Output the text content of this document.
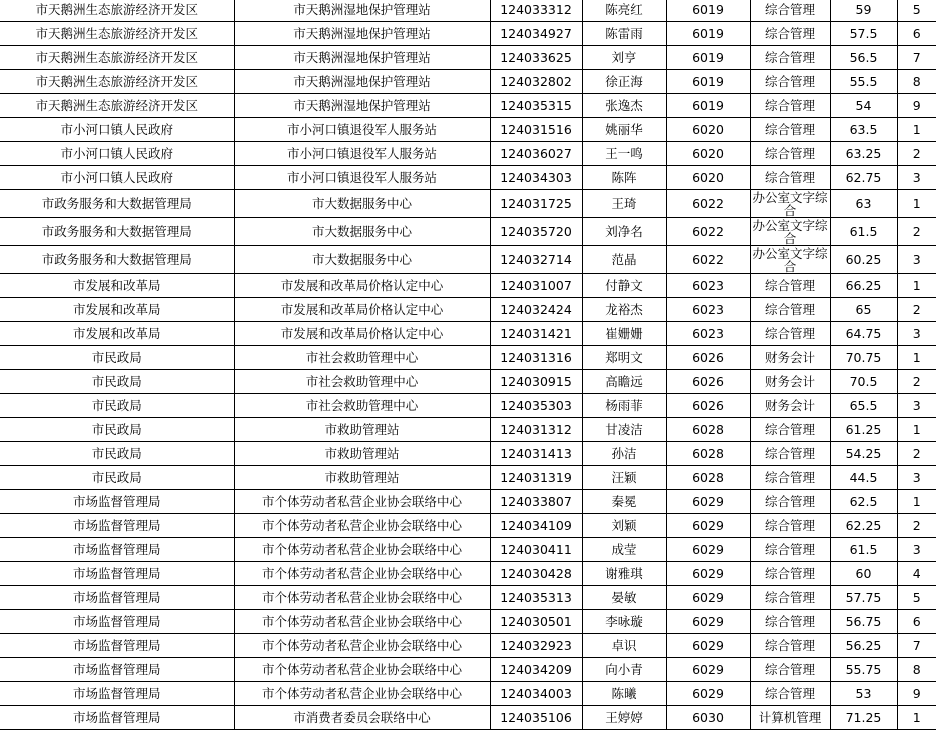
市天鹅洲生态旅游经济开发区	市天鹅洲湿地保护管理站	124033312	陈亮红	6019	综合管理	59	5
市天鹅洲生态旅游经济开发区	市天鹅洲湿地保护管理站	124034927	陈雷雨	6019	综合管理	57.5	6
市天鹅洲生态旅游经济开发区	市天鹅洲湿地保护管理站	124033625	刘亨	6019	综合管理	56.5	7
市天鹅洲生态旅游经济开发区	市天鹅洲湿地保护管理站	124032802	徐正海	6019	综合管理	55.5	8
市天鹅洲生态旅游经济开发区	市天鹅洲湿地保护管理站	124035315	张逸杰	6019	综合管理	54	9
市小河口镇人民政府	市小河口镇退役军人服务站	124031516	姚丽华	6020	综合管理	63.5	1
市小河口镇人民政府	市小河口镇退役军人服务站	124036027	王一鸣	6020	综合管理	63.25	2
市小河口镇人民政府	市小河口镇退役军人服务站	124034303	陈阵	6020	综合管理	62.75	3
市政务服务和大数据管理局	市大数据服务中心	124031725	王琦	6022	办公室文字综合	63	1
市政务服务和大数据管理局	市大数据服务中心	124035720	刘净名	6022	办公室文字综合	61.5	2
市政务服务和大数据管理局	市大数据服务中心	124032714	范晶	6022	办公室文字综合	60.25	3
市发展和改革局	市发展和改革局价格认定中心	124031007	付静文	6023	综合管理	66.25	1
市发展和改革局	市发展和改革局价格认定中心	124032424	龙裕杰	6023	综合管理	65	2
市发展和改革局	市发展和改革局价格认定中心	124031421	崔姗姗	6023	综合管理	64.75	3
市民政局	市社会救助管理中心	124031316	郑明文	6026	财务会计	70.75	1
市民政局	市社会救助管理中心	124030915	高瞻远	6026	财务会计	70.5	2
市民政局	市社会救助管理中心	124035303	杨雨菲	6026	财务会计	65.5	3
市民政局	市救助管理站	124031312	甘凌洁	6028	综合管理	61.25	1
市民政局	市救助管理站	124031413	孙洁	6028	综合管理	54.25	2
市民政局	市救助管理站	124031319	汪颖	6028	综合管理	44.5	3
市场监督管理局	市个体劳动者私营企业协会联络中心	124033807	秦冕	6029	综合管理	62.5	1
市场监督管理局	市个体劳动者私营企业协会联络中心	124034109	刘颖	6029	综合管理	62.25	2
市场监督管理局	市个体劳动者私营企业协会联络中心	124030411	成莹	6029	综合管理	61.5	3
市场监督管理局	市个体劳动者私营企业协会联络中心	124030428	谢雅琪	6029	综合管理	60	4
市场监督管理局	市个体劳动者私营企业协会联络中心	124035313	晏敏	6029	综合管理	57.75	5
市场监督管理局	市个体劳动者私营企业协会联络中心	124030501	李咏璇	6029	综合管理	56.75	6
市场监督管理局	市个体劳动者私营企业协会联络中心	124032923	卓识	6029	综合管理	56.25	7
市场监督管理局	市个体劳动者私营企业协会联络中心	124034209	向小青	6029	综合管理	55.75	8
市场监督管理局	市个体劳动者私营企业协会联络中心	124034003	陈曦	6029	综合管理	53	9
市场监督管理局	市消费者委员会联络中心	124035106	王婷婷	6030	计算机管理	71.25	1
